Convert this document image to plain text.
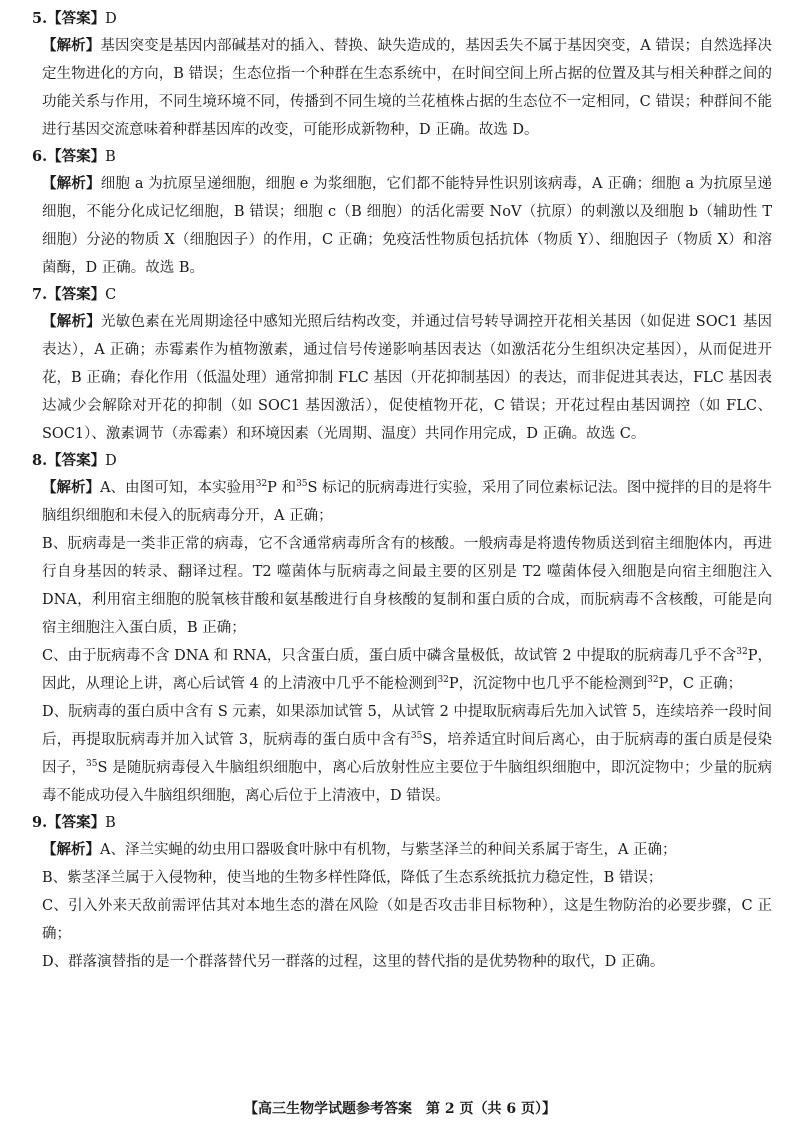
5.【答案】D

【解析】基因突变是基因内部碱基对的插入、替换、缺失造成的，基因丢失不属于基因突变，A 错误；自然选择决定生物进化的方向，B 错误；生态位指一个种群在生态系统中，在时间空间上所占据的位置及其与相关种群之间的功能关系与作用，不同生境环境不同，传播到不同生境的兰花植株占据的生态位不一定相同，C 错误；种群间不能进行基因交流意味着种群基因库的改变，可能形成新物种，D 正确。故选 D。

6.【答案】B

【解析】细胞 a 为抗原呈递细胞，细胞 e 为浆细胞，它们都不能特异性识别该病毒，A 正确；细胞 a 为抗原呈递细胞，不能分化成记忆细胞，B 错误；细胞 c（B 细胞）的活化需要 NoV（抗原）的刺激以及细胞 b（辅助性 T 细胞）分泌的物质 X（细胞因子）的作用，C 正确；免疫活性物质包括抗体（物质 Y）、细胞因子（物质 X）和溶菌酶，D 正确。故选 B。

7.【答案】C

【解析】光敏色素在光周期途径中感知光照后结构改变，并通过信号转导调控开花相关基因（如促进 SOC1 基因表达），A 正确；赤霉素作为植物激素，通过信号传递影响基因表达（如激活花分生组织决定基因），从而促进开花，B 正确；春化作用（低温处理）通常抑制 FLC 基因（开花抑制基因）的表达，而非促进其表达，FLC 基因表达减少会解除对开花的抑制（如 SOC1 基因激活），促使植物开花，C 错误；开花过程由基因调控（如 FLC、SOC1）、激素调节（赤霉素）和环境因素（光周期、温度）共同作用完成，D 正确。故选 C。

8.【答案】D

【解析】A、由图可知，本实验用$^{32}$P 和$^{35}$S 标记的朊病毒进行实验，采用了同位素标记法。图中搅拌的目的是将牛脑组织细胞和未侵入的朊病毒分开，A 正确；

B、朊病毒是一类非正常的病毒，它不含通常病毒所含有的核酸。一般病毒是将遗传物质送到宿主细胞体内，再进行自身基因的转录、翻译过程。T2 噬菌体与朊病毒之间最主要的区别是 T2 噬菌体侵入细胞是向宿主细胞注入 DNA，利用宿主细胞的脱氧核苷酸和氨基酸进行自身核酸的复制和蛋白质的合成，而朊病毒不含核酸，可能是向宿主细胞注入蛋白质，B 正确；

C、由于朊病毒不含 DNA 和 RNA，只含蛋白质，蛋白质中磷含量极低，故试管 2 中提取的朊病毒几乎不含$^{32}$P，因此，从理论上讲，离心后试管 4 的上清液中几乎不能检测到$^{32}$P，沉淀物中也几乎不能检测到$^{32}$P，C 正确；

D、朊病毒的蛋白质中含有 S 元素，如果添加试管 5，从试管 2 中提取朊病毒后先加入试管 5，连续培养一段时间后，再提取朊病毒并加入试管 3，朊病毒的蛋白质中含有$^{35}$S，培养适宜时间后离心，由于朊病毒的蛋白质是侵染因子，$^{35}$S 是随朊病毒侵入牛脑组织细胞中，离心后放射性应主要位于牛脑组织细胞中，即沉淀物中；少量的朊病毒不能成功侵入牛脑组织细胞，离心后位于上清液中，D 错误。

9.【答案】B

【解析】A、泽兰实蝇的幼虫用口器吸食叶脉中有机物，与紫茎泽兰的种间关系属于寄生，A 正确；

B、紫茎泽兰属于入侵物种，使当地的生物多样性降低，降低了生态系统抵抗力稳定性，B 错误；

C、引入外来天敌前需评估其对本地生态的潜在风险（如是否攻击非目标物种），这是生物防治的必要步骤，C 正确；

D、群落演替指的是一个群落替代另一群落的过程，这里的替代指的是优势物种的取代，D 正确。

【高三生物学试题参考答案　第 2 页（共 6 页）】
